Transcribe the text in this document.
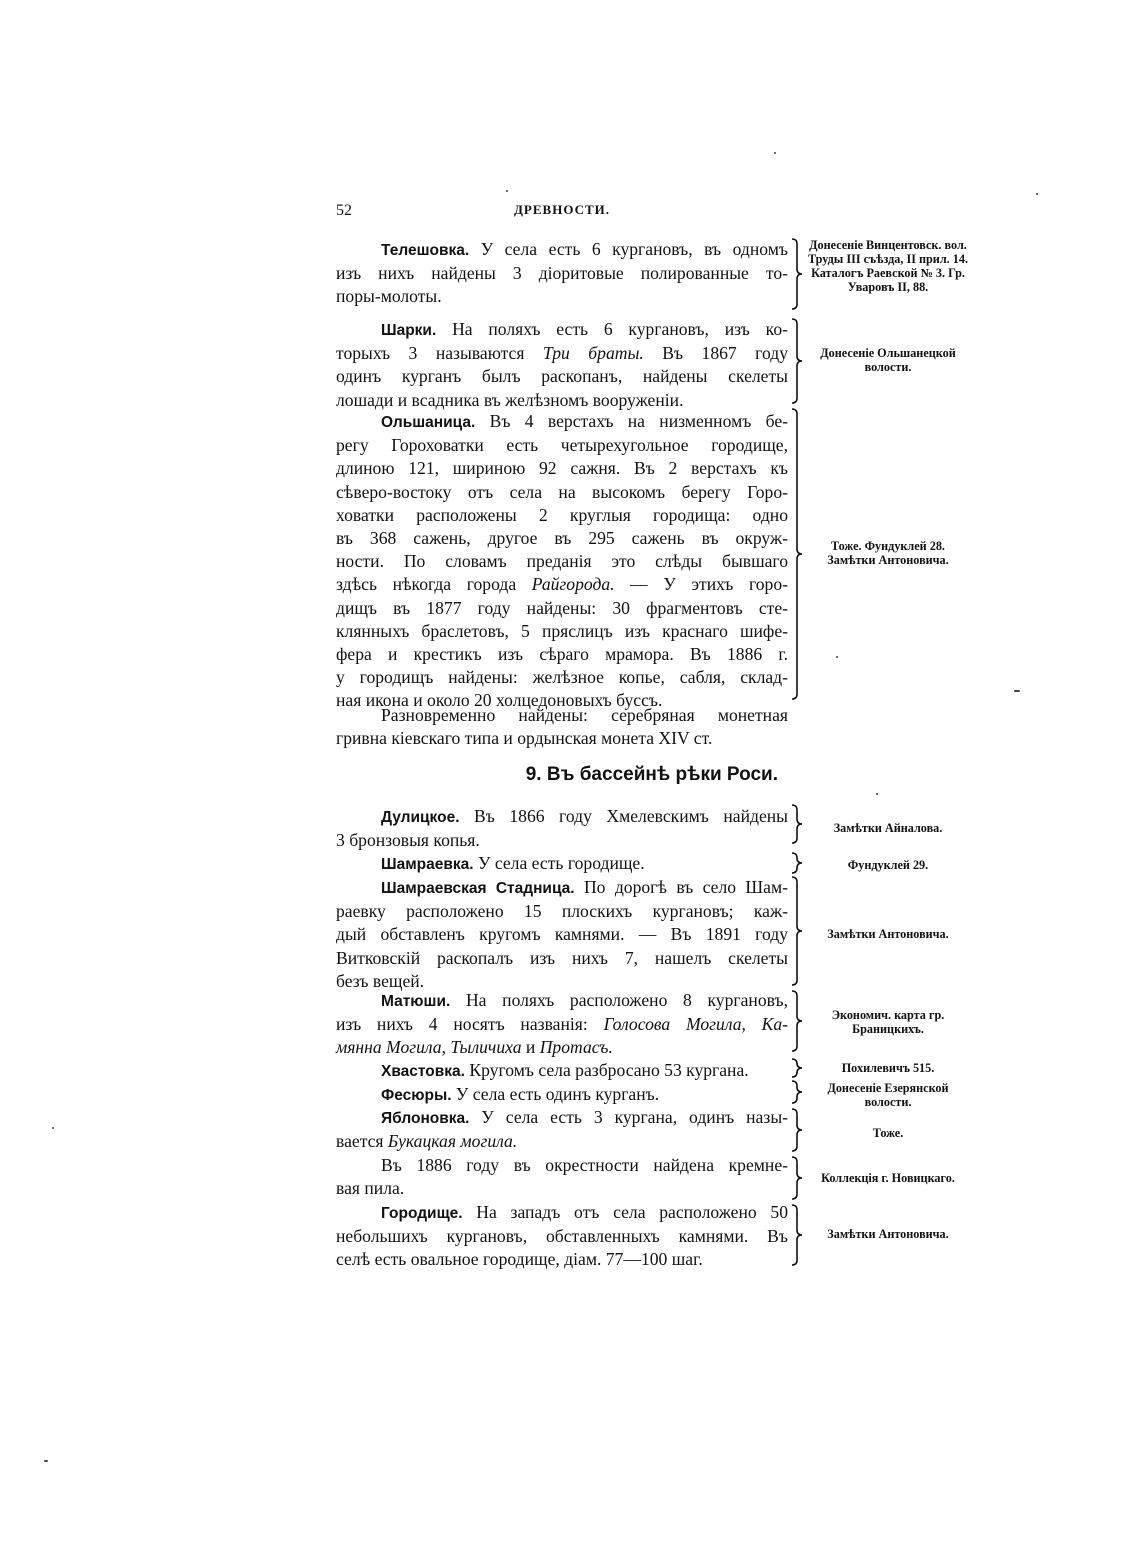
52	ДРЕВНОСТИ.
Телешовка. У села есть 6 кургановъ, въ одномъ
изъ нихъ найдены 3 діоритовые полированные то-
поры-молоты.
Донесеніе Винцентовск. вол. Труды III съѣзда, II прил. 14. Каталогъ Раевской № 3. Гр. Уваровъ II, 88.
Шарки. На поляхъ есть 6 кургановъ, изъ ко-
торыхъ 3 называются Три браты. Въ 1867 году
одинъ курганъ былъ раскопанъ, найдены скелеты
лошади и всадника въ желѣзномъ вооруженіи.
Донесеніе Ольшанецкой волости.
Ольшаница. Въ 4 верстахъ на низменномъ бе-
регу Гороховатки есть четырехугольное городище,
длиною 121, шириною 92 сажня. Въ 2 верстахъ къ
сѣверо-востоку отъ села на высокомъ берегу Горо-
ховатки расположены 2 круглыя городища: одно
въ 368 сажень, другое въ 295 сажень въ окруж-
ности. По словамъ преданія это слѣды бывшаго
здѣсь нѣкогда города Райгорода. — У этихъ горо-
дищъ въ 1877 году найдены: 30 фрагментовъ сте-
клянныхъ браслетовъ, 5 пряслицъ изъ краснаго шифе-
фера и крестикъ изъ сѣраго мрамора. Въ 1886 г.
у городищъ найдены: желѣзное копье, сабля, склад-
ная икона и около 20 холцедоновыхъ буссъ.
Тоже. Фундуклей 28. Замѣтки Антоновича.
Разновременно найдены: серебряная монетная
гривна кіевскаго типа и ордынская монета XIV ст.
9. Въ бассейнѣ рѣки Роси.
Дулицкое. Въ 1866 году Хмелевскимъ найдены
3 бронзовыя копья.
Замѣтки Айналова.
Шамраевка. У села есть городище.	Фундуклей 29.
Шамраевская Стадница. По дорогѣ въ село Шам-
раевку расположено 15 плоскихъ кургановъ; каж-
дый обставленъ кругомъ камнями. — Въ 1891 году
Витковскій раскопалъ изъ нихъ 7, нашелъ скелеты
безъ вещей.
Замѣтки Антоновича.
Матюши. На поляхъ расположено 8 кургановъ,
изъ нихъ 4 носятъ названія: Голосова Могила, Ка-
мянна Могила, Тыличиха и Протасъ.
Экономич. карта гр. Браницкихъ.
Хвастовка. Кругомъ села разбросано 53 кургана.	Похилевичъ 515.
Фесюры. У села есть одинъ курганъ.	Донесеніе Езерянской волости.
Яблоновка. У села есть 3 кургана, одинъ назы-
вается Букацкая могила.	Тоже.
Въ 1886 году въ окрестности найдена кремне-
вая пила.
Коллекція г. Новицкаго.
Городище. На западъ отъ села расположено 50
небольшихъ кургановъ, обставленныхъ камнями. Въ
селѣ есть овальное городище, діам. 77—100 шаг.
Замѣтки Антоновича.
